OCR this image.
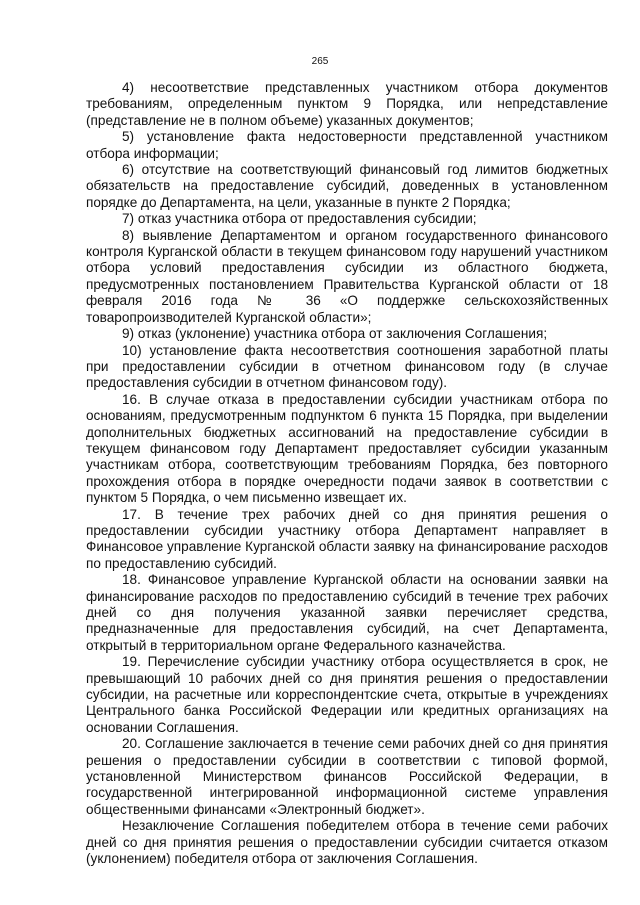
265

4) несоответствие представленных участником отбора документов требованиям, определенным пунктом 9 Порядка, или непредставление (представление не в полном объеме) указанных документов;

5) установление факта недостоверности представленной участником отбора информации;

6) отсутствие на соответствующий финансовый год лимитов бюджетных обязательств на предоставление субсидий, доведенных в установленном порядке до Департамента, на цели, указанные в пункте 2 Порядка;

7) отказ участника отбора от предоставления субсидии;

8) выявление Департаментом и органом государственного финансового контроля Курганской области в текущем финансовом году нарушений участником отбора условий предоставления субсидии из областного бюджета, предусмотренных постановлением Правительства Курганской области от 18 февраля 2016 года № 36 «О поддержке сельскохозяйственных товаропроизводителей Курганской области»;

9) отказ (уклонение) участника отбора от заключения Соглашения;

10) установление факта несоответствия соотношения заработной платы при предоставлении субсидии в отчетном финансовом году (в случае предоставления субсидии в отчетном финансовом году).

16. В случае отказа в предоставлении субсидии участникам отбора по основаниям, предусмотренным подпунктом 6 пункта 15 Порядка, при выделении дополнительных бюджетных ассигнований на предоставление субсидии в текущем финансовом году Департамент предоставляет субсидии указанным участникам отбора, соответствующим требованиям Порядка, без повторного прохождения отбора в порядке очередности подачи заявок в соответствии с пунктом 5 Порядка, о чем письменно извещает их.

17. В течение трех рабочих дней со дня принятия решения о предоставлении субсидии участнику отбора Департамент направляет в Финансовое управление Курганской области заявку на финансирование расходов по предоставлению субсидий.

18. Финансовое управление Курганской области на основании заявки на финансирование расходов по предоставлению субсидий в течение трех рабочих дней со дня получения указанной заявки перечисляет средства, предназначенные для предоставления субсидий, на счет Департамента, открытый в территориальном органе Федерального казначейства.

19. Перечисление субсидии участнику отбора осуществляется в срок, не превышающий 10 рабочих дней со дня принятия решения о предоставлении субсидии, на расчетные или корреспондентские счета, открытые в учреждениях Центрального банка Российской Федерации или кредитных организациях на основании Соглашения.

20. Соглашение заключается в течение семи рабочих дней со дня принятия решения о предоставлении субсидии в соответствии с типовой формой, установленной Министерством финансов Российской Федерации, в государственной интегрированной информационной системе управления общественными финансами «Электронный бюджет».

Незаключение Соглашения победителем отбора в течение семи рабочих дней со дня принятия решения о предоставлении субсидии считается отказом (уклонением) победителя отбора от заключения Соглашения.
